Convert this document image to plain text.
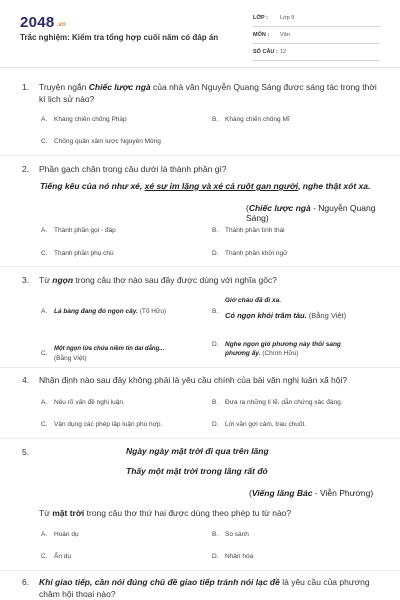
2048 .vn
Trắc nghiệm: Kiểm tra tổng hợp cuối năm có đáp án
LỚP :	Lớp 9
MÔN :	Văn
SỐ CÂU : 12
1.	Truyện ngắn Chiếc lược ngà của nhà văn Nguyễn Quang Sáng được sáng tác trong thời kì lịch sử nào?
A. Kháng chiến chống Pháp	B. Kháng chiến chống Mĩ
C. Chống quân xâm lược Nguyên Mông
2.	Phần gạch chân trong câu dưới là thành phần gì?
Tiếng kêu của nó như xé, xé sự im lặng và xé cả ruột gan người, nghe thật xót xa.
(Chiếc lược ngà - Nguyễn Quang Sáng)
A. Thành phần gọi - đáp	B. Thành phần tình thái
C. Thành phần phụ chú	D. Thành phần khởi ngữ
3.	Từ ngọn trong câu thơ nào sau đây được dùng với nghĩa gốc?
A. Lá bàng đang đỏ ngọn cây. (Tố Hữu)	B.
Giờ cháu đã đi xa.
Có ngọn khói trăm tàu. (Bằng Việt)
C.
Một ngọn lửa chứa niềm tin dai dẳng...
(Bằng Việt)
D. Nghe ngọn gió phương này thổi sang
phương ấy. (Chính Hữu)
4.	Nhận định nào sau đây không phải là yêu cầu chính của bài văn nghị luận xã hội?
A. Nêu rõ vấn đề nghị luận.	B. Đưa ra những lí lẽ, dẫn chứng xác đáng.
C. Vận dụng các phép lập luận phù hợp.	D. Lời văn gợi cảm, trau chuốt.
5.	Ngày ngày mặt trời đi qua trên lăng
Thấy một mặt trời trong lăng rất đỏ
(Viếng lăng Bác - Viễn Phương)
Từ mặt trời trong câu thơ thứ hai được dùng theo phép tu từ nào?
A. Hoán dụ	B. So sánh
C. Ẩn dụ	D. Nhân hóa
6.	Khi giao tiếp, cần nói đúng chủ đề giao tiếp tránh nói lạc đề là yêu cầu của phương châm hội thoại nào?
